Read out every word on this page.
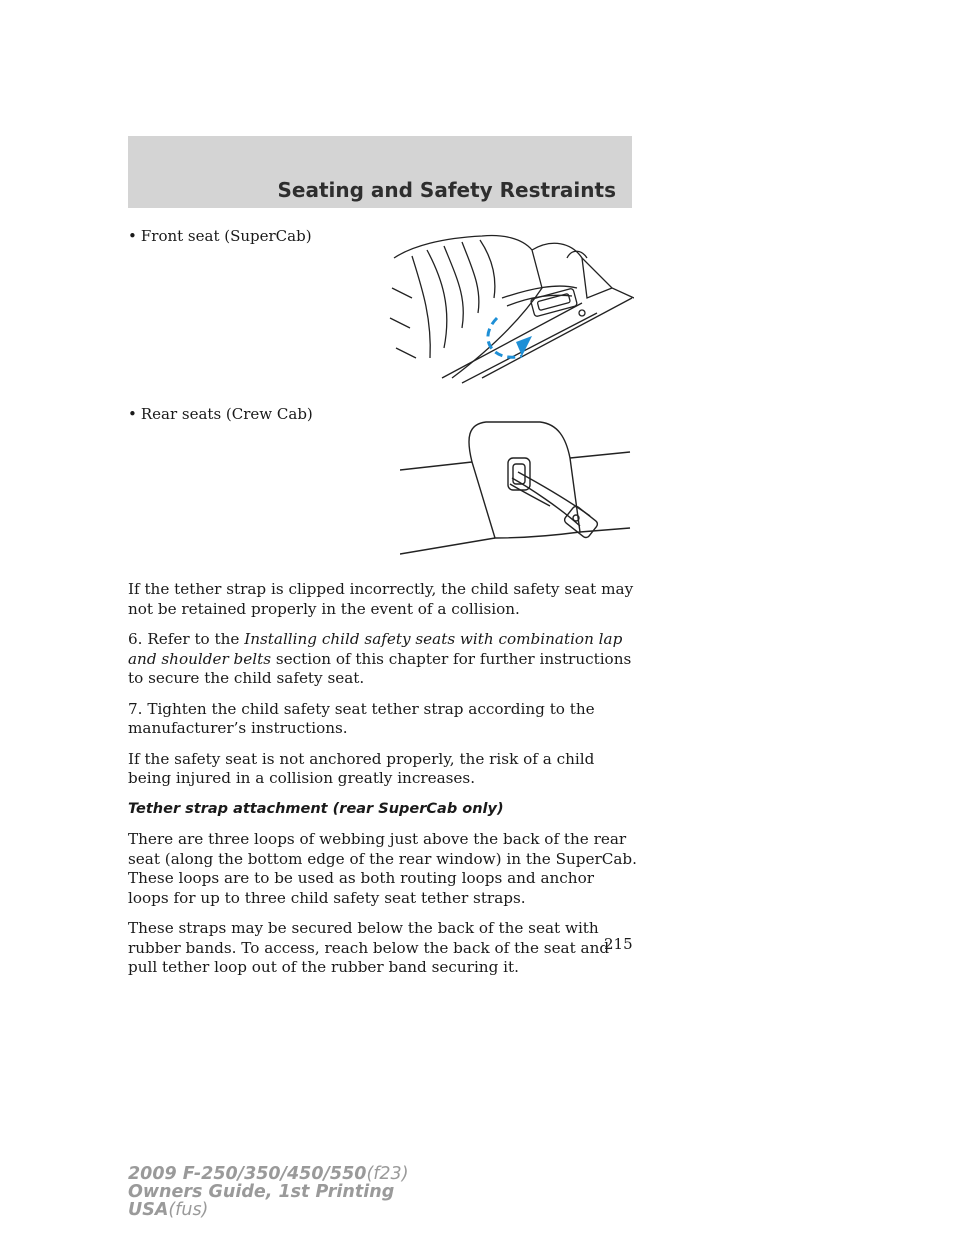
Seating and Safety Restraints
• Front seat (SuperCab)
• Rear seats (Crew Cab)

If the tether strap is clipped incorrectly, the child safety seat may not be retained properly in the event of a collision.

6. Refer to the Installing child safety seats with combination lap and shoulder belts section of this chapter for further instructions to secure the child safety seat.

7. Tighten the child safety seat tether strap according to the manufacturer’s instructions.

If the safety seat is not anchored properly, the risk of a child being injured in a collision greatly increases.

Tether strap attachment (rear SuperCab only)

There are three loops of webbing just above the back of the rear seat (along the bottom edge of the rear window) in the SuperCab. These loops are to be used as both routing loops and anchor loops for up to three child safety seat tether straps.

These straps may be secured below the back of the seat with rubber bands. To access, reach below the back of the seat and pull tether loop out of the rubber band securing it.

215
2009 F-250/350/450/550(f23)
Owners Guide, 1st Printing
USA(fus)
